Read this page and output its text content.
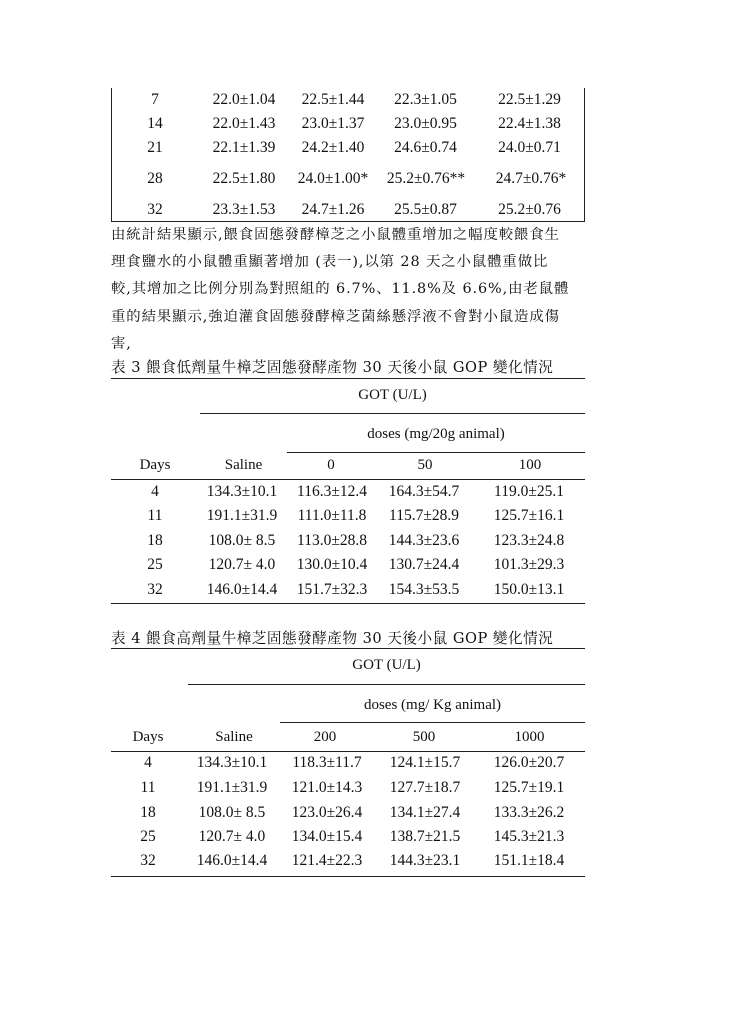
7	22.0±1.04	22.5±1.44	22.3±1.05	22.5±1.29
14	22.0±1.43	23.0±1.37	23.0±0.95	22.4±1.38
21	22.1±1.39	24.2±1.40	24.6±0.74	24.0±0.71
28	22.5±1.80	24.0±1.00*	25.2±0.76**	24.7±0.76*
32	23.3±1.53	24.7±1.26	25.5±0.87	25.2±0.76
由統計結果顯示,餵食固態發酵樟芝之小鼠體重增加之幅度較餵食生
理食鹽水的小鼠體重顯著增加 (表一),以第 28 天之小鼠體重做比
較,其增加之比例分別為對照組的 6.7%、11.8%及 6.6%,由老鼠體
重的結果顯示,強迫灌食固態發酵樟芝菌絲懸浮液不會對小鼠造成傷
害,
表 3 餵食低劑量牛樟芝固態發酵產物 30 天後小鼠 GOP 變化情況
GOT (U/L)
doses (mg/20g animal)
Days	Saline	0	50	100
4	134.3±10.1	116.3±12.4	164.3±54.7	119.0±25.1
11	191.1±31.9	111.0±11.8	115.7±28.9	125.7±16.1
18	108.0± 8.5	113.0±28.8	144.3±23.6	123.3±24.8
25	120.7± 4.0	130.0±10.4	130.7±24.4	101.3±29.3
32	146.0±14.4	151.7±32.3	154.3±53.5	150.0±13.1
表 4 餵食高劑量牛樟芝固態發酵產物 30 天後小鼠 GOP 變化情況
GOT (U/L)
doses (mg/ Kg animal)
Days	Saline	200	500	1000
4	134.3±10.1	118.3±11.7	124.1±15.7	126.0±20.7
11	191.1±31.9	121.0±14.3	127.7±18.7	125.7±19.1
18	108.0± 8.5	123.0±26.4	134.1±27.4	133.3±26.2
25	120.7± 4.0	134.0±15.4	138.7±21.5	145.3±21.3
32	146.0±14.4	121.4±22.3	144.3±23.1	151.1±18.4
